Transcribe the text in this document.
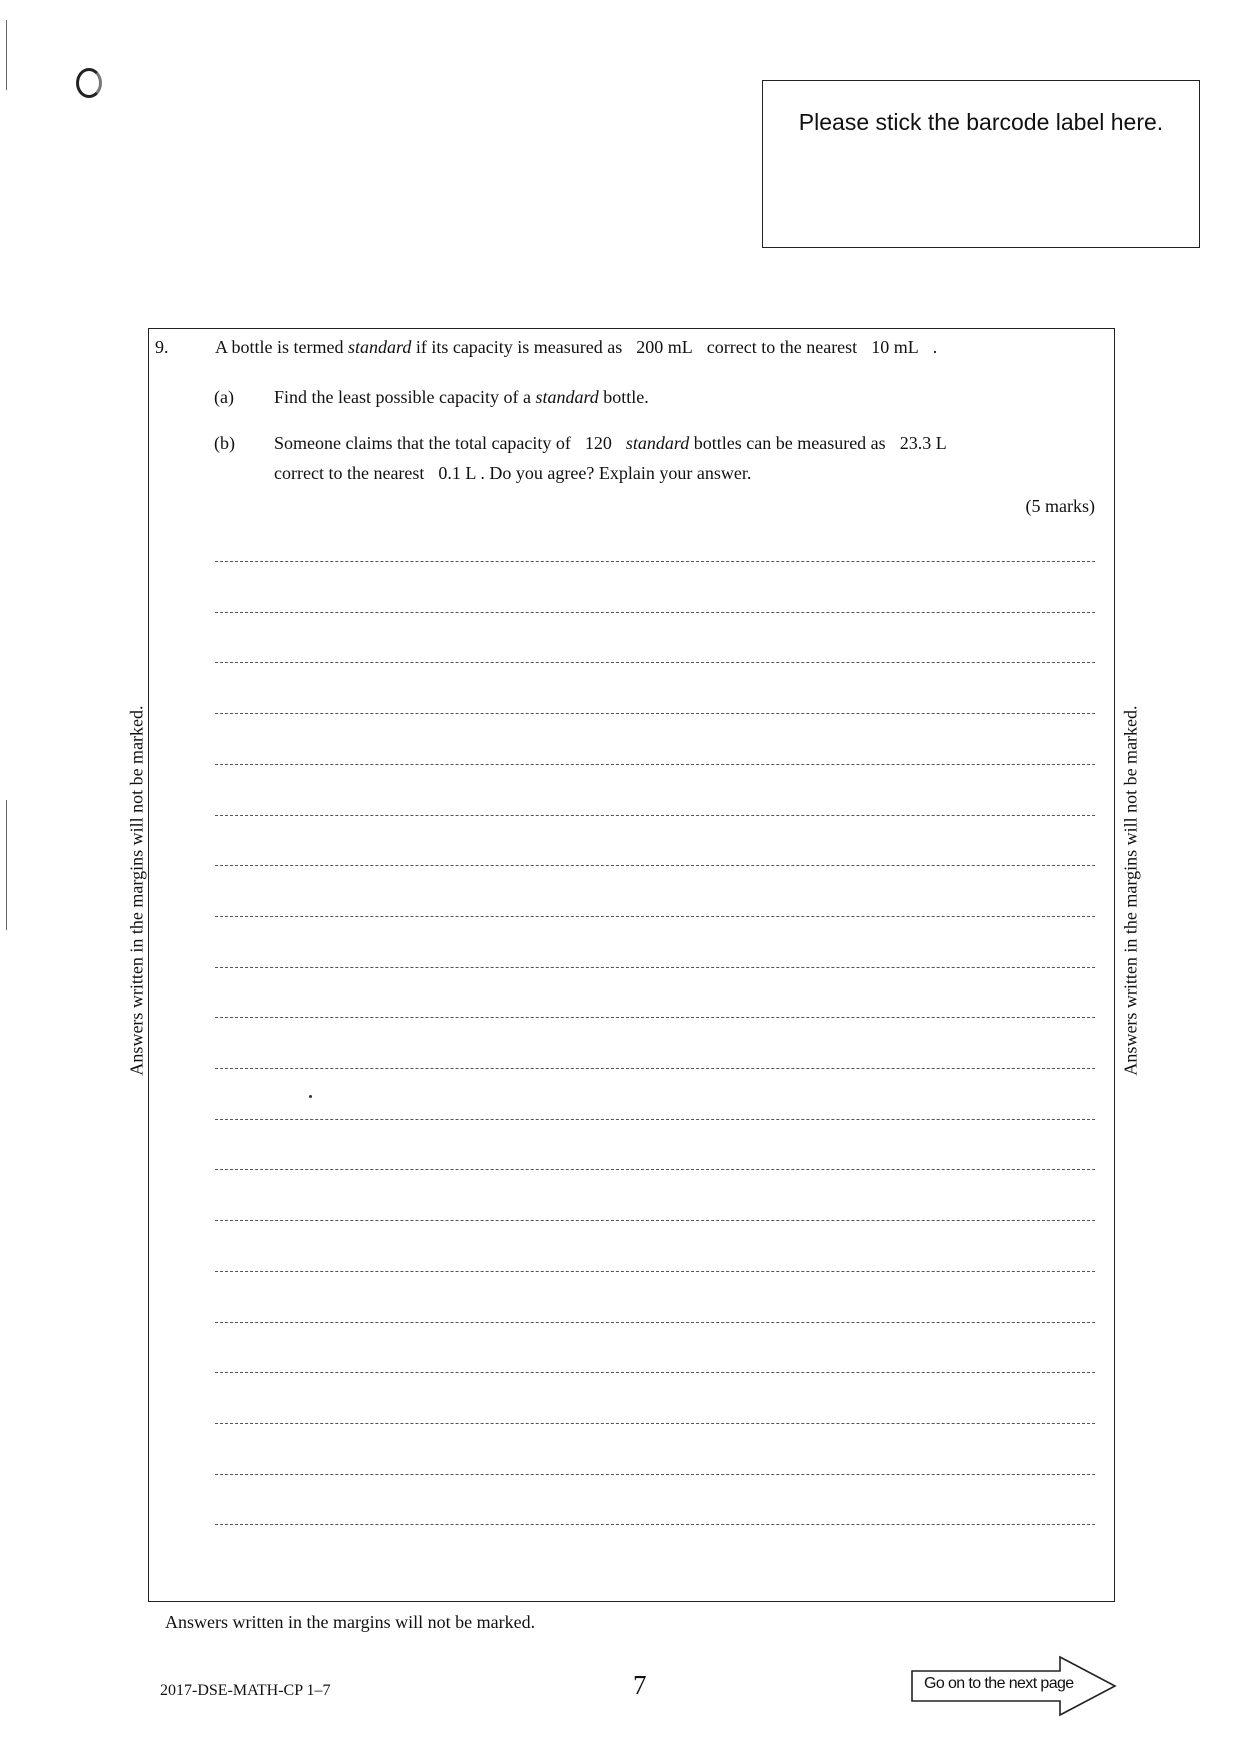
Please stick the barcode label here.
9.	A bottle is termed standard if its capacity is measured as 200 mL correct to the nearest 10 mL .
(a) Find the least possible capacity of a standard bottle.
(b) Someone claims that the total capacity of 120 standard bottles can be measured as 23.3 L
correct to the nearest 0.1 L . Do you agree? Explain your answer.
(5 marks)
Answers written in the margins will not be marked.	Answers written in the margins will not be marked.
Answers written in the margins will not be marked.
2017-DSE-MATH-CP 1–7	7	Go on to the next page
